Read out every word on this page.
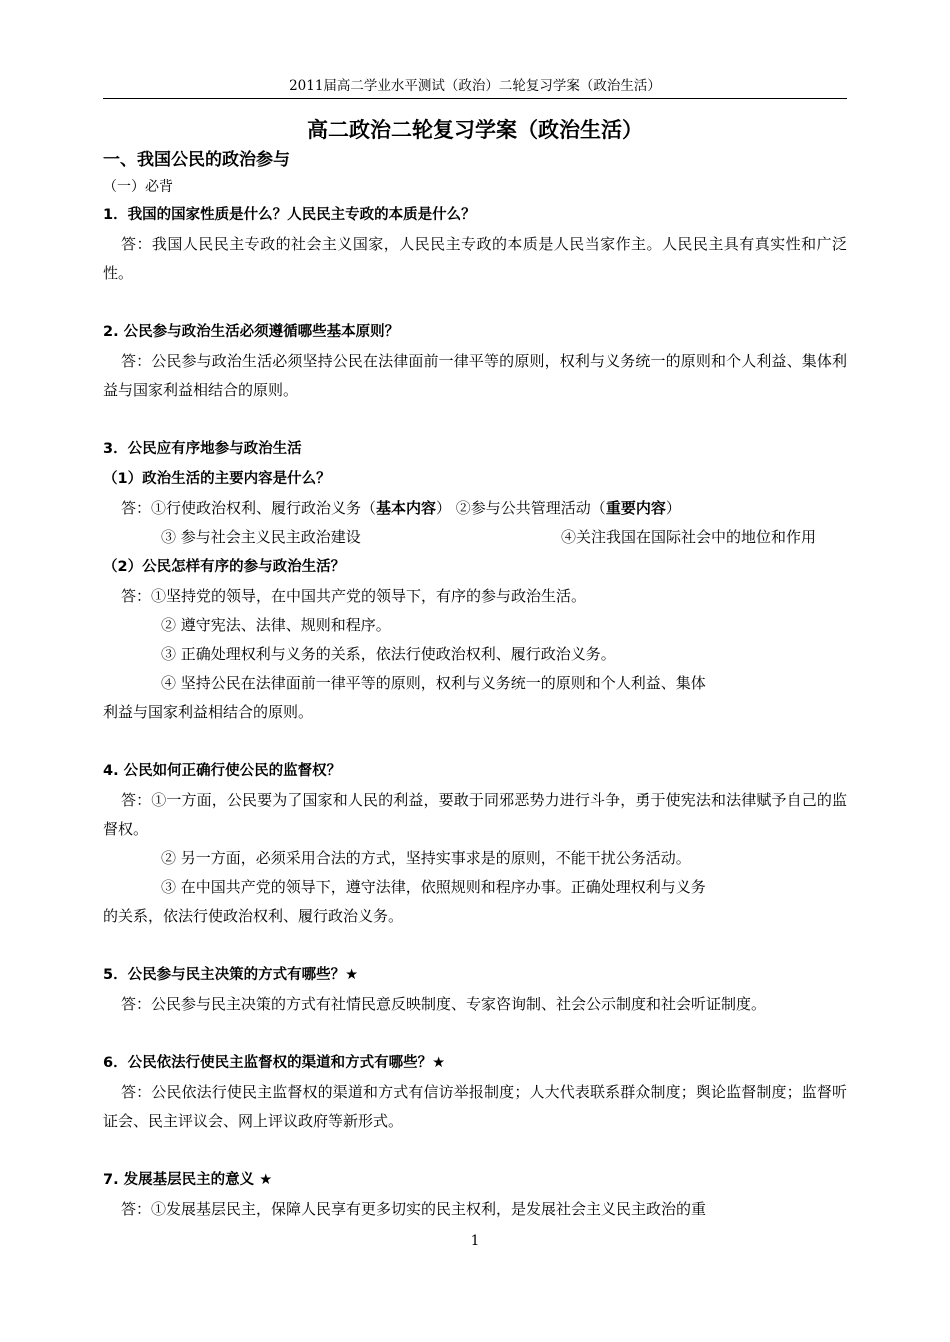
2011届高二学业水平测试（政治）二轮复习学案（政治生活）

高二政治二轮复习学案（政治生活）

一、我国公民的政治参与

（一）必背

1．我国的国家性质是什么？人民民主专政的本质是什么？

答：我国人民民主专政的社会主义国家，人民民主专政的本质是人民当家作主。人民民主具有真实性和广泛性。

2. 公民参与政治生活必须遵循哪些基本原则？

答：公民参与政治生活必须坚持公民在法律面前一律平等的原则，权利与义务统一的原则和个人利益、集体利益与国家利益相结合的原则。

3．公民应有序地参与政治生活

（1）政治生活的主要内容是什么？

答：①行使政治权利、履行政治义务（基本内容） ②参与公共管理活动（重要内容）

③ 参与社会主义民主政治建设	④关注我国在国际社会中的地位和作用

（2）公民怎样有序的参与政治生活？

答：①坚持党的领导，在中国共产党的领导下，有序的参与政治生活。

② 遵守宪法、法律、规则和程序。

③ 正确处理权利与义务的关系，依法行使政治权利、履行政治义务。

④ 坚持公民在法律面前一律平等的原则，权利与义务统一的原则和个人利益、集体

利益与国家利益相结合的原则。

4. 公民如何正确行使公民的监督权？

答：①一方面，公民要为了国家和人民的利益，要敢于同邪恶势力进行斗争，勇于使宪法和法律赋予自己的监督权。

② 另一方面，必须采用合法的方式，坚持实事求是的原则，不能干扰公务活动。

③ 在中国共产党的领导下，遵守法律，依照规则和程序办事。正确处理权利与义务

的关系，依法行使政治权利、履行政治义务。

5．公民参与民主决策的方式有哪些？★

答：公民参与民主决策的方式有社情民意反映制度、专家咨询制、社会公示制度和社会听证制度。

6．公民依法行使民主监督权的渠道和方式有哪些？★

答：公民依法行使民主监督权的渠道和方式有信访举报制度；人大代表联系群众制度；舆论监督制度；监督听证会、民主评议会、网上评议政府等新形式。

7. 发展基层民主的意义 ★

答：①发展基层民主，保障人民享有更多切实的民主权利，是发展社会主义民主政治的重

1
